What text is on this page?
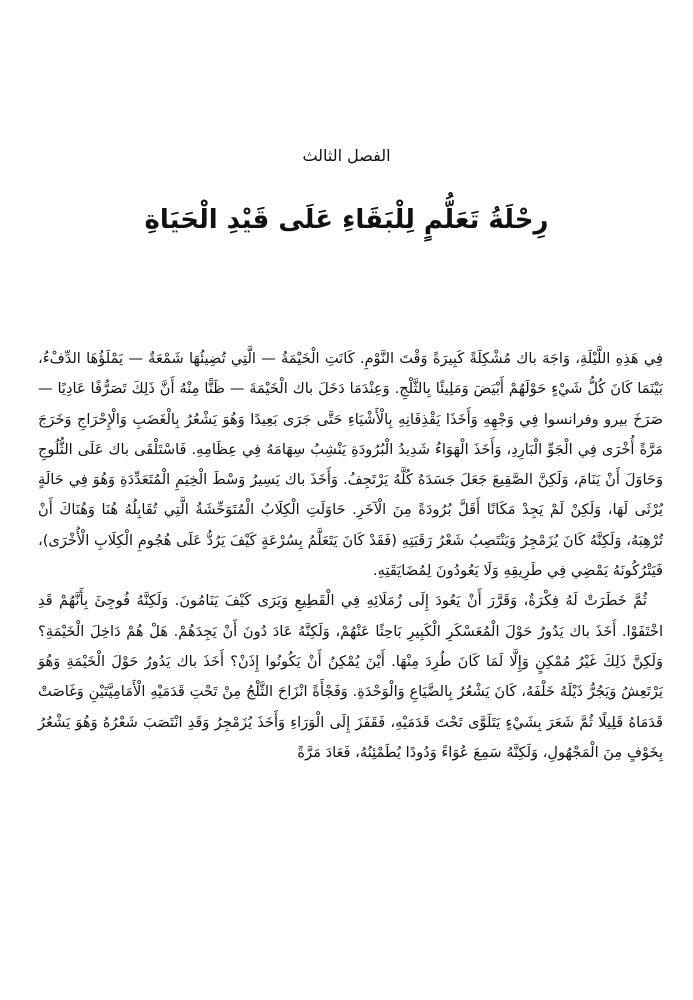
الفصل الثالث
رِحْلَةُ تَعَلُّمٍ لِلْبَقَاءِ عَلَى قَيْدِ الْحَيَاةِ

فِي هَذِهِ اللَّيْلَةِ، وَاجَهَ باك مُشْكِلَةً كَبِيرَةً وَقْتَ النَّوْمِ. كَانَتِ الْخَيْمَةُ — الَّتِي تُضِيئُهَا شَمْعَةٌ — يَمْلَؤُهَا الدِّفْءُ، بَيْنَمَا كَانَ كُلُّ شَيْءٍ حَوْلَهُمْ أَبْيَضَ وَمَلِيئًا بِالثَّلْجِ. وَعِنْدَمَا دَخَلَ باك الْخَيْمَةَ — ظَنًّا مِنْهُ أَنَّ ذَلِكَ تَصَرُّفًا عَادِيًا — صَرَخَ بيرو وفرانسوا فِي وَجْهِهِ وَأَخَذَا يَقْذِفَانِهِ بِالْأَشْيَاءِ حَتَّى جَرَى بَعِيدًا وَهُوَ يَشْعُرُ بِالْغَضَبِ وَالْإِحْرَاجِ وَخَرَجَ مَرَّةً أُخْرَى فِي الْجَوِّ الْبَارِدِ، وَأَخَذَ الْهَوَاءُ شَدِيدُ الْبُرُودَةِ يَنْشِبُ سِهَامَهُ فِي عِظَامِهِ. فَاسْتَلْقَى باك عَلَى الثُّلُوجِ وَحَاوَلَ أَنْ يَنَامَ، وَلَكِنَّ الصَّقِيعَ جَعَلَ جَسَدَهُ كُلَّهُ يَرْتَجِفُ. وَأَخَذَ باك يَسِيرُ وَسْطَ الْخِيَمِ الْمُتَعَدِّدَةِ وَهُوَ فِي حَالَةٍ يُرْثَى لَهَا، وَلَكِنْ لَمْ يَجِدْ مَكَانًا أَقَلَّ بُرُودَةً مِنَ الْآخَرِ. حَاوَلَتِ الْكِلَابُ الْمُتَوَحِّشَةُ الَّتِي تُقَابِلُهُ هُنَا وَهُنَاكَ أَنْ تُرْهِبَهُ، وَلَكِنَّهُ كَانَ يُزَمْجِرُ وَيَنْتَصِبُ شَعْرُ رَقَبَتِهِ (فَقَدْ كَانَ يَتَعَلَّمُ بِسُرْعَةٍ كَيْفَ يَرُدُّ عَلَى هُجُومِ الْكِلَابِ الْأُخْرَى)، فَيَتْرُكُونَهُ يَمْضِي فِي طَرِيقِهِ وَلَا يَعُودُونَ لِمُضَايَقَتِهِ.

ثُمَّ خَطَرَتْ لَهُ فِكْرَةٌ، وَقَرَّرَ أَنْ يَعُودَ إِلَى زُمَلَائِهِ فِي الْقَطِيعِ وَيَرَى كَيْفَ يَنَامُونَ. وَلَكِنَّهُ فُوجِئَ بِأَنَّهُمْ قَدِ اخْتَفَوْا. أَخَذَ باك يَدُورُ حَوْلَ الْمُعَسْكَرِ الْكَبِيرِ بَاحِثًا عَنْهُمْ، وَلَكِنَّهُ عَادَ دُونَ أَنْ يَجِدَهُمْ. هَلْ هُمْ دَاخِلَ الْخَيْمَةِ؟ وَلَكِنَّ ذَلِكَ غَيْرُ مُمْكِنٍ وَإِلَّا لَمَا كَانَ طُرِدَ مِنْهَا. أَيْنَ يُمْكِنُ أَنْ يَكُونُوا إِذَنْ؟ أَخَذَ باك يَدُورُ حَوْلَ الْخَيْمَةِ وَهُوَ يَرْتَعِشُ وَيَجُرُّ ذَيْلَهُ خَلْفَهُ، كَانَ يَشْعُرُ بِالضَّيَاعِ وَالْوَحْدَةِ. وَفَجْأَةً انْزَاحَ الثَّلْجُ مِنْ تَحْتِ قَدَمَيْهِ الْأَمَامِيَّتَيْنِ وَغَاصَتْ قَدَمَاهُ قَلِيلًا ثُمَّ شَعَرَ بِشَيْءٍ يَتَلَوَّى تَحْتَ قَدَمَيْهِ، فَقَفَزَ إِلَى الْوَرَاءِ وَأَخَذَ يُزَمْجِرُ وَقَدِ انْتَصَبَ شَعْرُهُ وَهُوَ يَشْعُرُ بِخَوْفٍ مِنَ الْمَجْهُولِ، وَلَكِنَّهُ سَمِعَ عُوَاءً وَدُودًا يُطَمْئِنُهُ، فَعَادَ مَرَّةً
